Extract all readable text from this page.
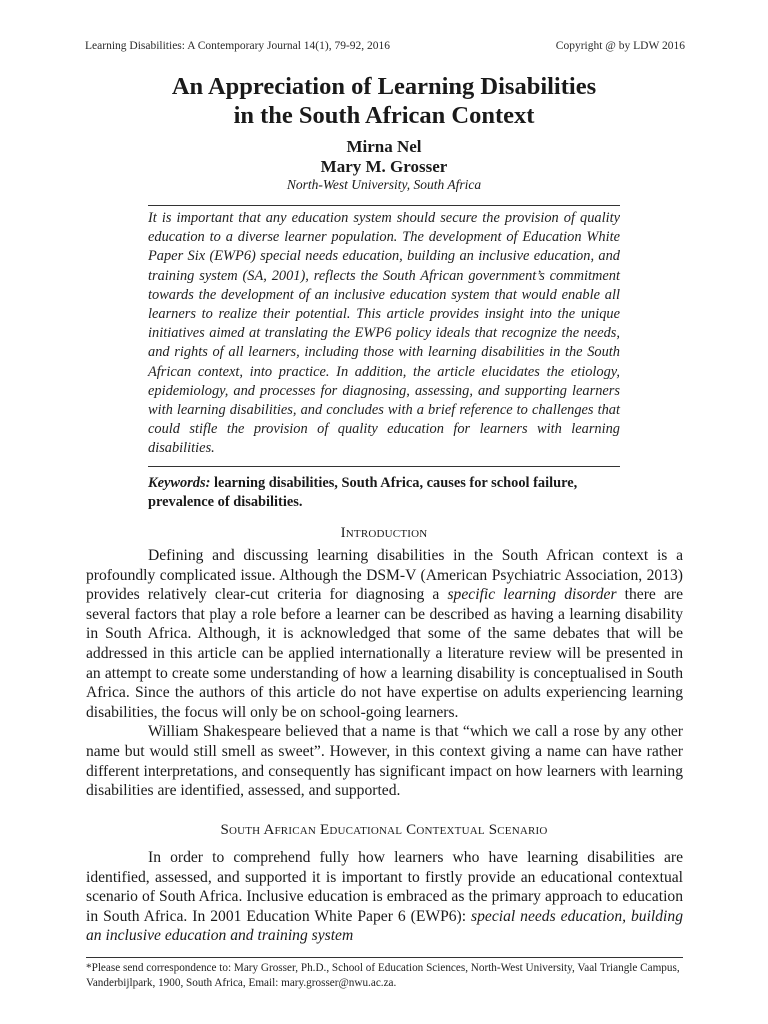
Learning Disabilities: A Contemporary Journal 14(1), 79-92, 2016	Copyright @ by LDW 2016
An Appreciation of Learning Disabilities
in the South African Context
Mirna Nel
Mary M. Grosser
North-West University, South Africa
It is important that any education system should secure the provision of quality education to a diverse learner population. The development of Education White Paper Six (EWP6) special needs education, building an inclusive education, and training system (SA, 2001), reflects the South African government’s commitment towards the development of an inclusive education system that would enable all learners to realize their potential. This article provides insight into the unique initiatives aimed at translating the EWP6 policy ideals that recognize the needs, and rights of all learners, including those with learning disabilities in the South African context, into practice. In addition, the article elucidates the etiology, epidemiology, and processes for diagnosing, assessing, and supporting learners with learning disabilities, and concludes with a brief reference to challenges that could stifle the provision of quality education for learners with learning disabilities.
Keywords: learning disabilities, South Africa, causes for school failure, prevalence of disabilities.
Introduction

Defining and discussing learning disabilities in the South African context is a profoundly complicated issue. Although the DSM-V (American Psychiatric Association, 2013) provides relatively clear-cut criteria for diagnosing a specific learning disorder there are several factors that play a role before a learner can be described as having a learning disability in South Africa. Although, it is acknowledged that some of the same debates that will be addressed in this article can be applied internationally a literature review will be presented in an attempt to create some understanding of how a learning disability is conceptualised in South Africa. Since the authors of this article do not have expertise on adults experiencing learning disabilities, the focus will only be on school-going learners.

William Shakespeare believed that a name is that “which we call a rose by any other name but would still smell as sweet”. However, in this context giving a name can have rather different interpretations, and consequently has significant impact on how learners with learning disabilities are identified, assessed, and supported.

South African Educational Contextual Scenario

In order to comprehend fully how learners who have learning disabilities are identified, assessed, and supported it is important to firstly provide an educational contextual scenario of South Africa. Inclusive education is embraced as the primary approach to education in South Africa. In 2001 Education White Paper 6 (EWP6): special needs education, building an inclusive education and training system

*Please send correspondence to: Mary Grosser, Ph.D., School of Education Sciences, North-West University, Vaal Triangle Campus, Vanderbijlpark, 1900, South Africa, Email: mary.grosser@nwu.ac.za.
